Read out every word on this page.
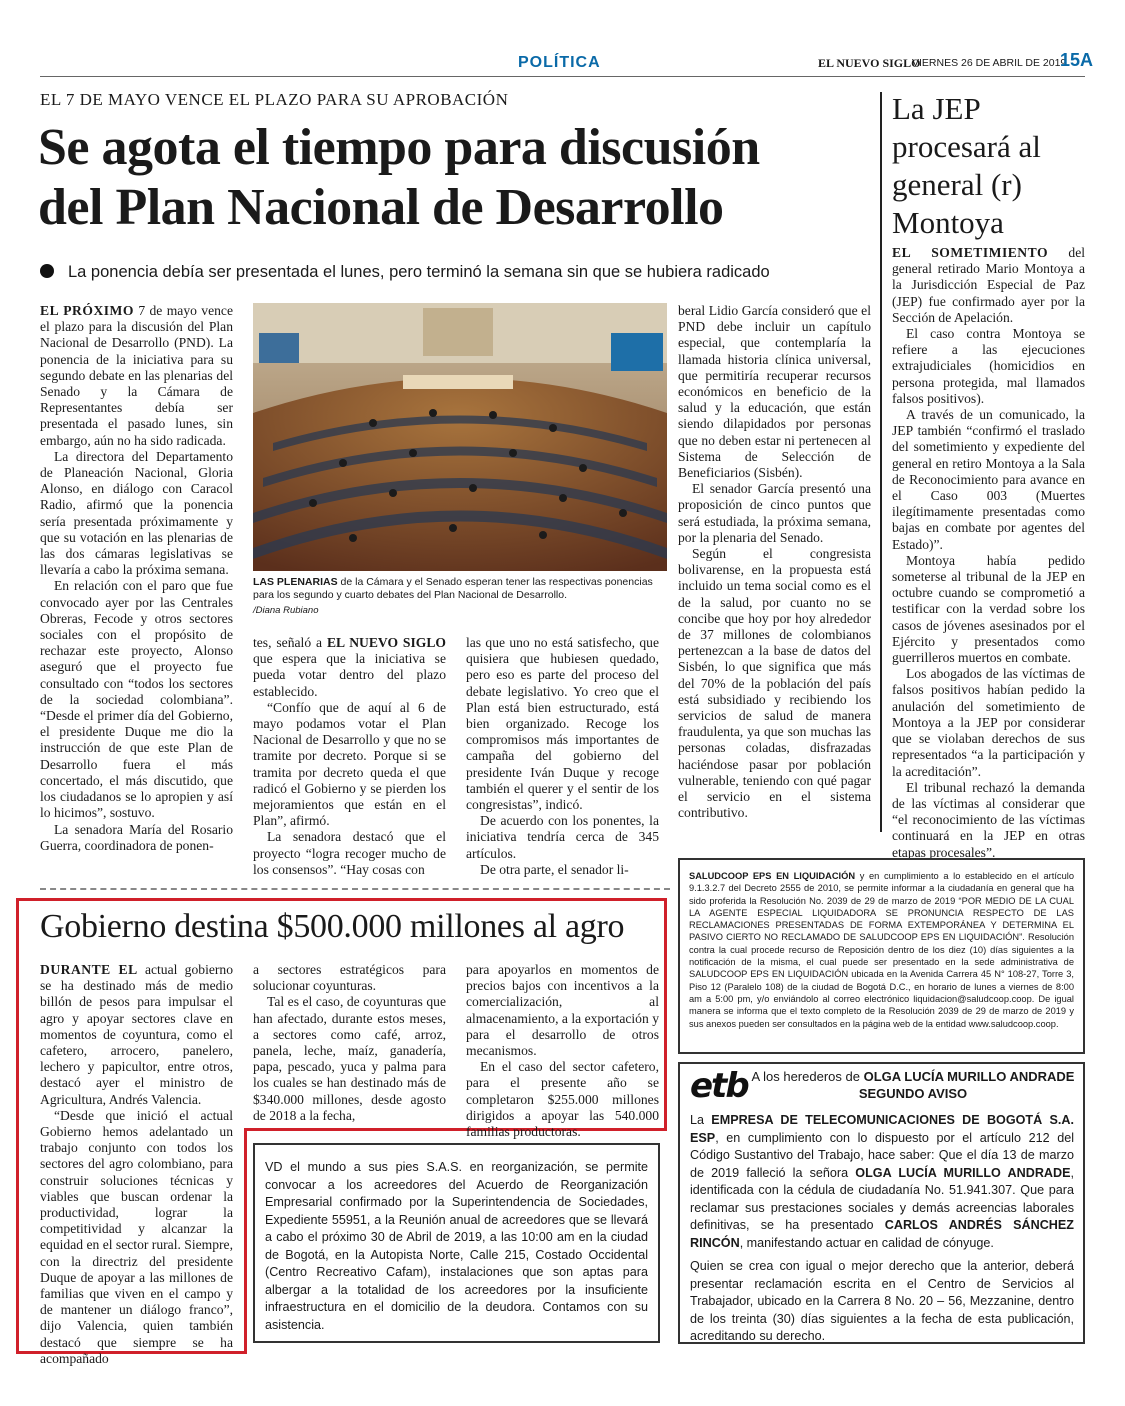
POLÍTICA	EL NUEVO SIGLO
VIERNES 26 DE ABRIL DE 2019
15A
EL 7 DE MAYO VENCE EL PLAZO PARA SU APROBACIÓN
Se agota el tiempo para discusión
del Plan Nacional de Desarrollo
La ponencia debía ser presentada el lunes, pero terminó la semana sin que se hubiera radicado

EL PRÓXIMO 7 de mayo vence el plazo para la discusión del Plan Nacional de Desarrollo (PND). La ponencia de la iniciativa para su segundo debate en las plenarias del Senado y la Cámara de Representantes debía ser presentada el pasado lunes, sin embargo, aún no ha sido radicada.

La directora del Departamento de Planeación Nacional, Gloria Alonso, en diálogo con Caracol Radio, afirmó que la ponencia sería presentada próximamente y que su votación en las plenarias de las dos cámaras legislativas se llevaría a cabo la próxima semana.

En relación con el paro que fue convocado ayer por las Centrales Obreras, Fecode y otros sectores sociales con el propósito de rechazar este proyecto, Alonso aseguró que el proyecto fue consultado con “todos los sectores de la sociedad colombiana”. “Desde el primer día del Gobierno, el presidente Duque me dio la instrucción de que este Plan de Desarrollo fuera el más concertado, el más discutido, que los ciudadanos se lo apropien y así lo hicimos”, sostuvo.

La senadora María del Rosario Guerra, coordinadora de ponen-

LAS PLENARIAS de la Cámara y el Senado esperan tener las respectivas ponencias para los segundo y cuarto debates del Plan Nacional de Desarrollo.
/Diana Rubiano

tes, señaló a EL NUEVO SIGLO que espera que la iniciativa se pueda votar dentro del plazo establecido.

“Confío que de aquí al 6 de mayo podamos votar el Plan Nacional de Desarrollo y que no se tramite por decreto. Porque si se tramita por decreto queda el que radicó el Gobierno y se pierden los mejoramientos que están en el Plan”, afirmó.

La senadora destacó que el proyecto “logra recoger mucho de los consensos”. “Hay cosas con

las que uno no está satisfecho, que quisiera que hubiesen quedado, pero eso es parte del proceso del debate legislativo. Yo creo que el Plan está bien estructurado, está bien organizado. Recoge los compromisos más importantes de campaña del gobierno del presidente Iván Duque y recoge también el querer y el sentir de los congresistas”, indicó.

De acuerdo con los ponentes, la iniciativa tendría cerca de 345 artículos.

De otra parte, el senador li-

beral Lidio García consideró que el PND debe incluir un capítulo especial, que contemplaría la llamada historia clínica universal, que permitiría recuperar recursos económicos en beneficio de la salud y la educación, que están siendo dilapidados por personas que no deben estar ni pertenecen al Sistema de Selección de Beneficiarios (Sisbén).

El senador García presentó una proposición de cinco puntos que será estudiada, la próxima semana, por la plenaria del Senado.

Según el congresista bolivarense, en la propuesta está incluido un tema social como es el de la salud, por cuanto no se concibe que hoy por hoy alrededor de 37 millones de colombianos pertenezcan a la base de datos del Sisbén, lo que significa que más del 70% de la población del país está subsidiado y recibiendo los servicios de salud de manera fraudulenta, ya que son muchas las personas coladas, disfrazadas haciéndose pasar por población vulnerable, teniendo con qué pagar el servicio en el sistema contributivo.

La JEP procesará al general (r) Montoya

EL SOMETIMIENTO del general retirado Mario Montoya a la Jurisdicción Especial de Paz (JEP) fue confirmado ayer por la Sección de Apelación.

El caso contra Montoya se refiere a las ejecuciones extrajudiciales (homicidios en persona protegida, mal llamados falsos positivos).

A través de un comunicado, la JEP también “confirmó el traslado del sometimiento y expediente del general en retiro Montoya a la Sala de Reconocimiento para avance en el Caso 003 (Muertes ilegítimamente presentadas como bajas en combate por agentes del Estado)”.

Montoya había pedido someterse al tribunal de la JEP en octubre cuando se comprometió a testificar con la verdad sobre los casos de jóvenes asesinados por el Ejército y presentados como guerrilleros muertos en combate.

Los abogados de las víctimas de falsos positivos habían pedido la anulación del sometimiento de Montoya a la JEP por considerar que se violaban derechos de sus representados “a la participación y la acreditación”.

El tribunal rechazó la demanda de las víctimas al considerar que “el reconocimiento de las víctimas continuará en la JEP en otras etapas procesales”.

Gobierno destina $500.000 millones al agro

DURANTE EL actual gobierno se ha destinado más de medio billón de pesos para impulsar el agro y apoyar sectores clave en momentos de coyuntura, como el cafetero, arrocero, panelero, lechero y papicultor, entre otros, destacó ayer el ministro de Agricultura, Andrés Valencia.

“Desde que inició el actual Gobierno hemos adelantado un trabajo conjunto con todos los sectores del agro colombiano, para construir soluciones técnicas y viables que buscan ordenar la productividad, lograr la competitividad y alcanzar la equidad en el sector rural. Siempre, con la directriz del presidente Duque de apoyar a las millones de familias que viven en el campo y de mantener un diálogo franco”, dijo Valencia, quien también destacó que siempre se ha acompañado

a sectores estratégicos para solucionar coyunturas.

Tal es el caso, de coyunturas que han afectado, durante estos meses, a sectores como café, arroz, panela, leche, maíz, ganadería, papa, pescado, yuca y palma para los cuales se han destinado más de $340.000 millones, desde agosto de 2018 a la fecha,

para apoyarlos en momentos de precios bajos con incentivos a la comercialización, al almacenamiento, a la exportación y para el desarrollo de otros mecanismos.

En el caso del sector cafetero, para el presente año se completaron $255.000 millones dirigidos a apoyar las 540.000 familias productoras.

VD el mundo a sus pies S.A.S. en reorganización, se permite convocar a los acreedores del Acuerdo de Reorganización Empresarial confirmado por la Superintendencia de Sociedades, Expediente 55951, a la Reunión anual de acreedores que se llevará a cabo el próximo 30 de Abril de 2019, a las 10:00 am en la ciudad de Bogotá, en la Autopista Norte, Calle 215, Costado Occidental (Centro Recreativo Cafam), instalaciones que son aptas para albergar a la totalidad de los acreedores por la insuficiente infraestructura en el domicilio de la deudora. Contamos con su asistencia.
SALUDCOOP EPS EN LIQUIDACIÓN y en cumplimiento a lo establecido en el artículo 9.1.3.2.7 del Decreto 2555 de 2010, se permite informar a la ciudadanía en general que ha sido proferida la Resolución No. 2039 de 29 de marzo de 2019 “POR MEDIO DE LA CUAL LA AGENTE ESPECIAL LIQUIDADORA SE PRONUNCIA RESPECTO DE LAS RECLAMACIONES PRESENTADAS DE FORMA EXTEMPORÁNEA Y DETERMINA EL PASIVO CIERTO NO RECLAMADO DE SALUDCOOP EPS EN LIQUIDACIÓN”. Resolución contra la cual procede recurso de Reposición dentro de los diez (10) días siguientes a la notificación de la misma, el cual puede ser presentado en la sede administrativa de SALUDCOOP EPS EN LIQUIDACIÓN ubicada en la Avenida Carrera 45 N° 108-27, Torre 3, Piso 12 (Paralelo 108) de la ciudad de Bogotá D.C., en horario de lunes a viernes de 8:00 am a 5:00 pm, y/o enviándolo al correo electrónico liquidacion@saludcoop.coop. De igual manera se informa que el texto completo de la Resolución 2039 de 29 de marzo de 2019 y sus anexos pueden ser consultados en la página web de la entidad www.saludcoop.coop.
etb A los herederos de OLGA LUCÍA MURILLO ANDRADE
SEGUNDO AVISO

La EMPRESA DE TELECOMUNICACIONES DE BOGOTÁ S.A. ESP, en cumplimiento con lo dispuesto por el artículo 212 del Código Sustantivo del Trabajo, hace saber: Que el día 13 de marzo de 2019 falleció la señora OLGA LUCÍA MURILLO ANDRADE, identificada con la cédula de ciudadanía No. 51.941.307. Que para reclamar sus prestaciones sociales y demás acreencias laborales definitivas, se ha presentado CARLOS ANDRÉS SÁNCHEZ RINCÓN, manifestando actuar en calidad de cónyuge.

Quien se crea con igual o mejor derecho que la anterior, deberá presentar reclamación escrita en el Centro de Servicios al Trabajador, ubicado en la Carrera 8 No. 20 – 56, Mezzanine, dentro de los treinta (30) días siguientes a la fecha de esta publicación, acreditando su derecho.
